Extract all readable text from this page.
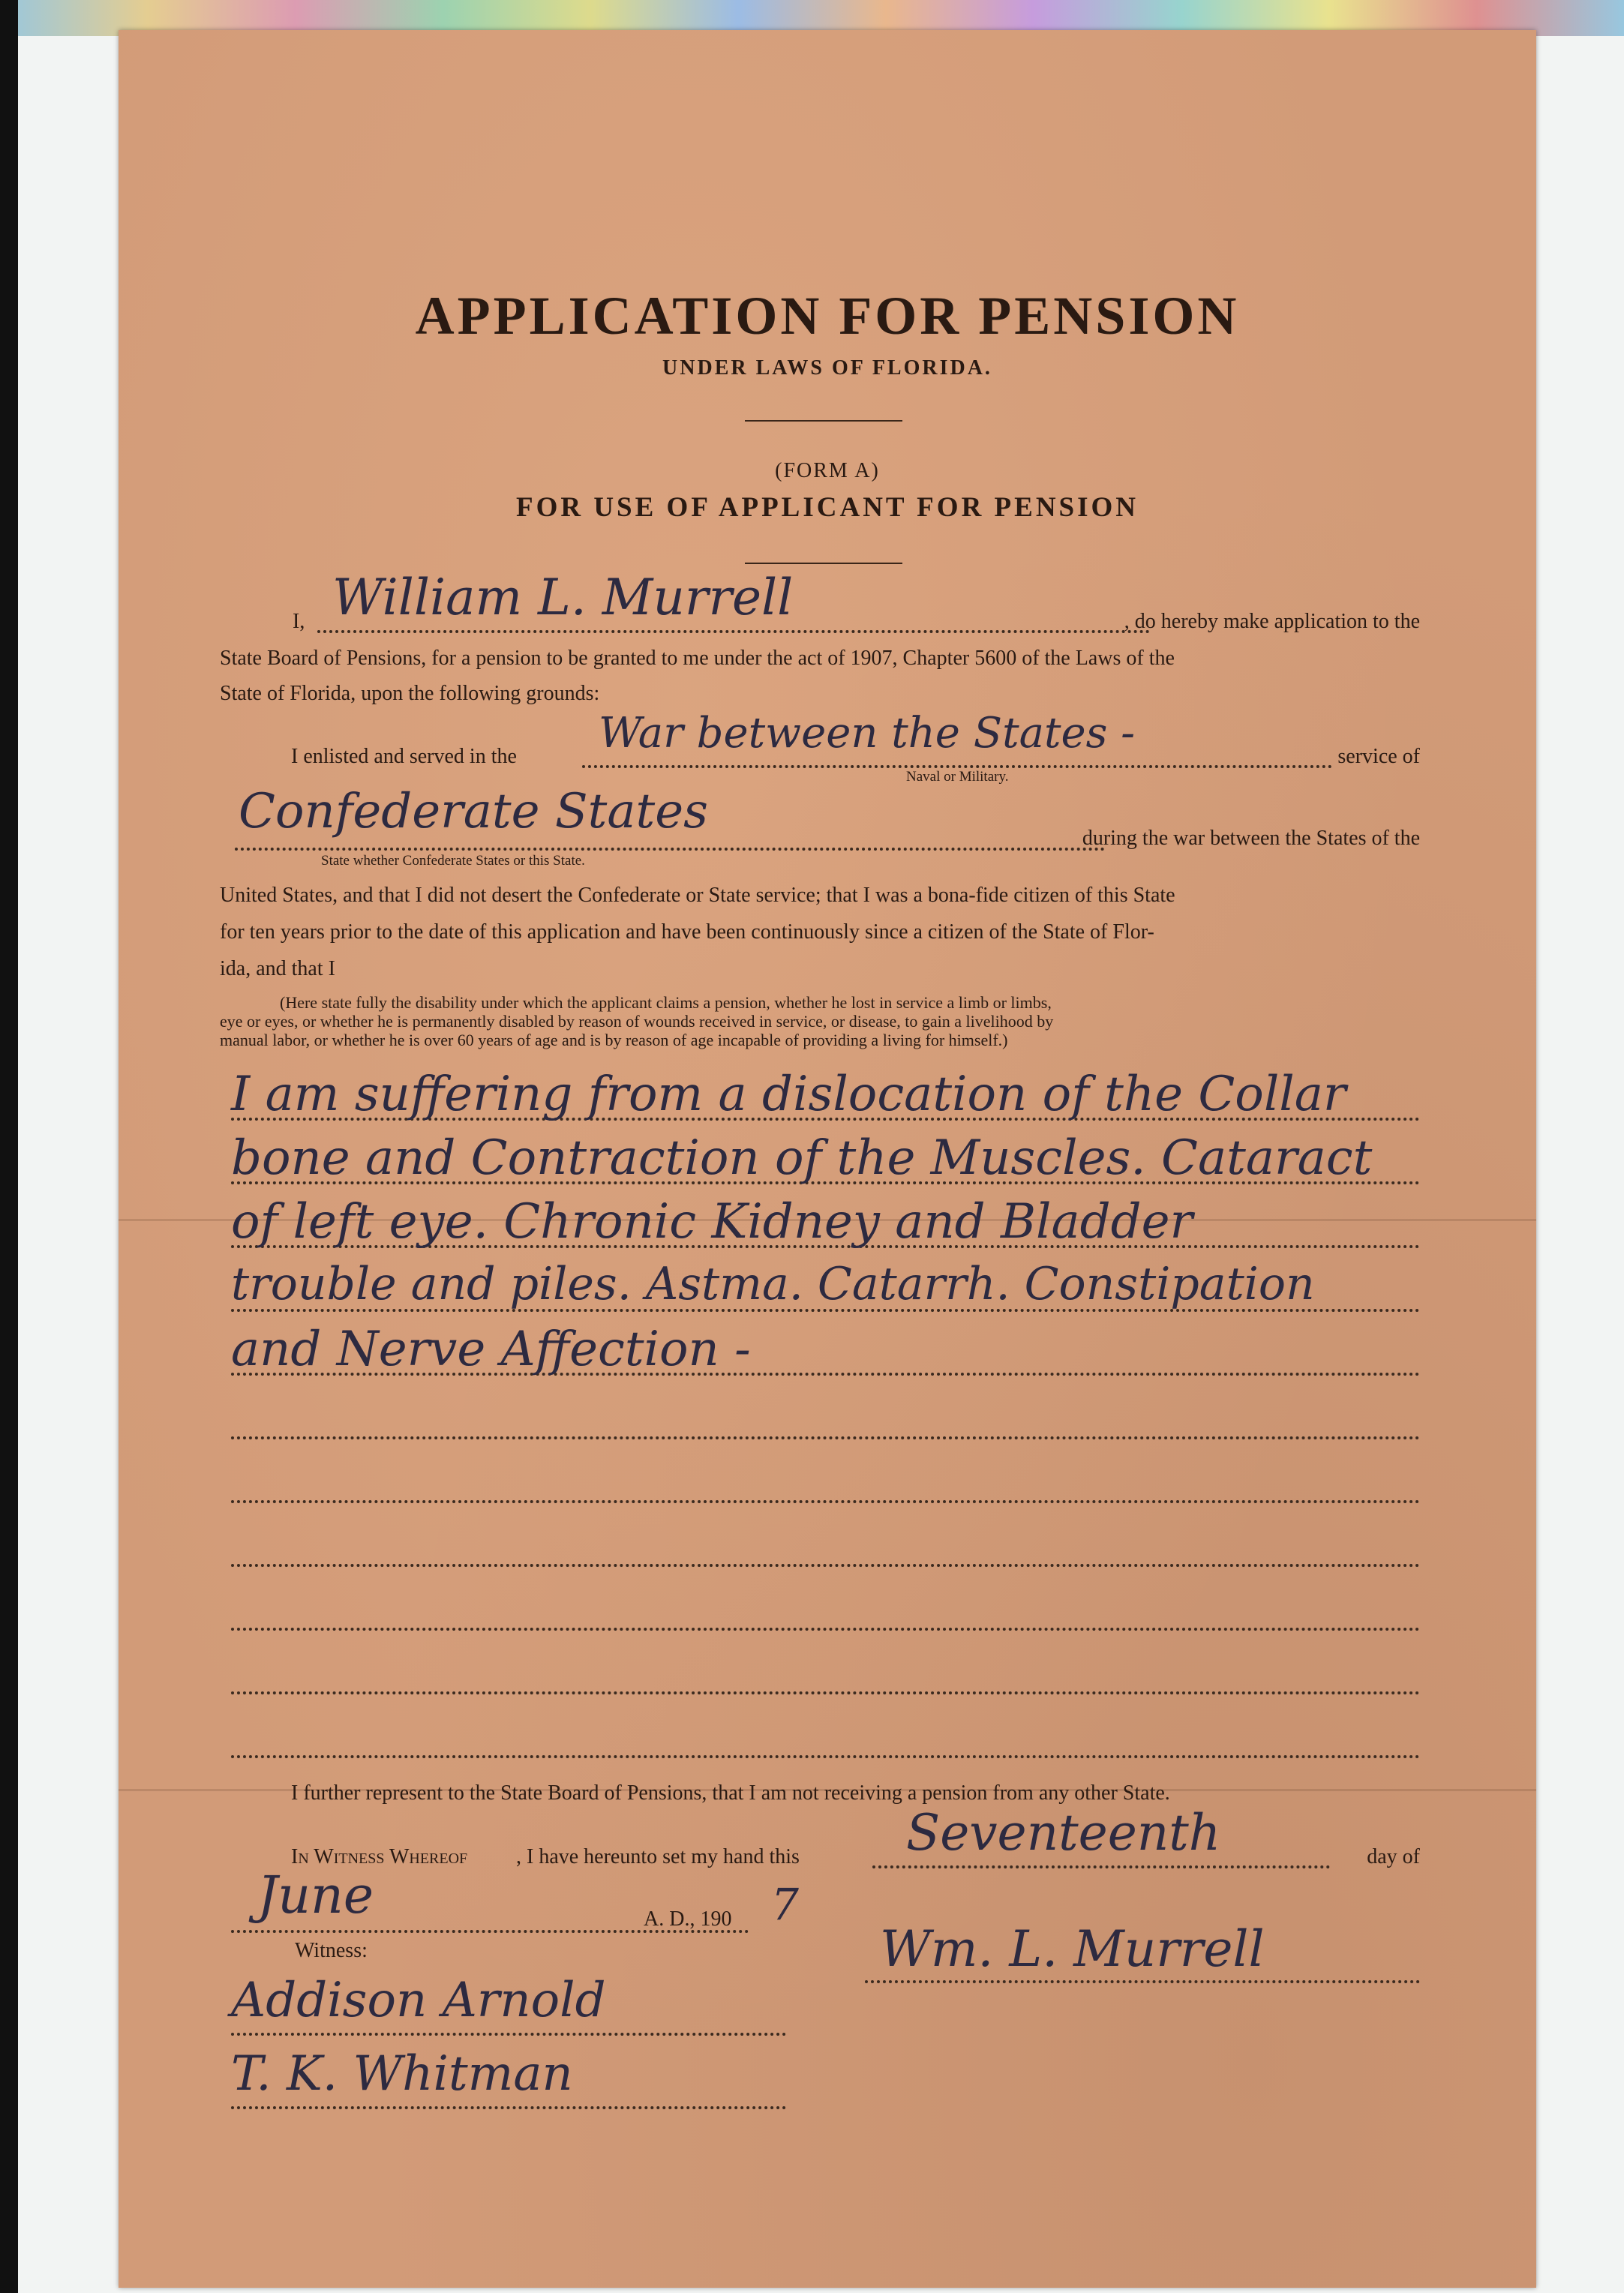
APPLICATION FOR PENSION
UNDER LAWS OF FLORIDA.
(FORM A)
FOR USE OF APPLICANT FOR PENSION
I, William L. Murrell	, do hereby make application to the
State Board of Pensions, for a pension to be granted to me under the act of 1907, Chapter 5600 of the Laws of the
State of Florida, upon the following grounds:
I enlisted and served in the War between the States -	service of
Naval or Military.
Confederate States	during the war between the States of the
State whether Confederate States or this State.
United States, and that I did not desert the Confederate or State service; that I was a bona-fide citizen of this State
for ten years prior to the date of this application and have been continuously since a citizen of the State of Flor-
ida, and that I
(Here state fully the disability under which the applicant claims a pension, whether he lost in service a limb or limbs,
eye or eyes, or whether he is permanently disabled by reason of wounds received in service, or disease, to gain a livelihood by
manual labor, or whether he is over 60 years of age and is by reason of age incapable of providing a living for himself.)
I am suffering from a dislocation of the Collar
bone and Contraction of the Muscles. Cataract
of left eye. Chronic Kidney and Bladder
trouble and piles. Astma. Catarrh. Constipation
and Nerve Affection -
I further represent to the State Board of Pensions, that I am not receiving a pension from any other State.
In Witness Whereof , I have hereunto set my hand this Seventeenth	day of
June	A. D., 190 7
Witness:	Wm. L. Murrell
Addison Arnold
T. K. Whitman
